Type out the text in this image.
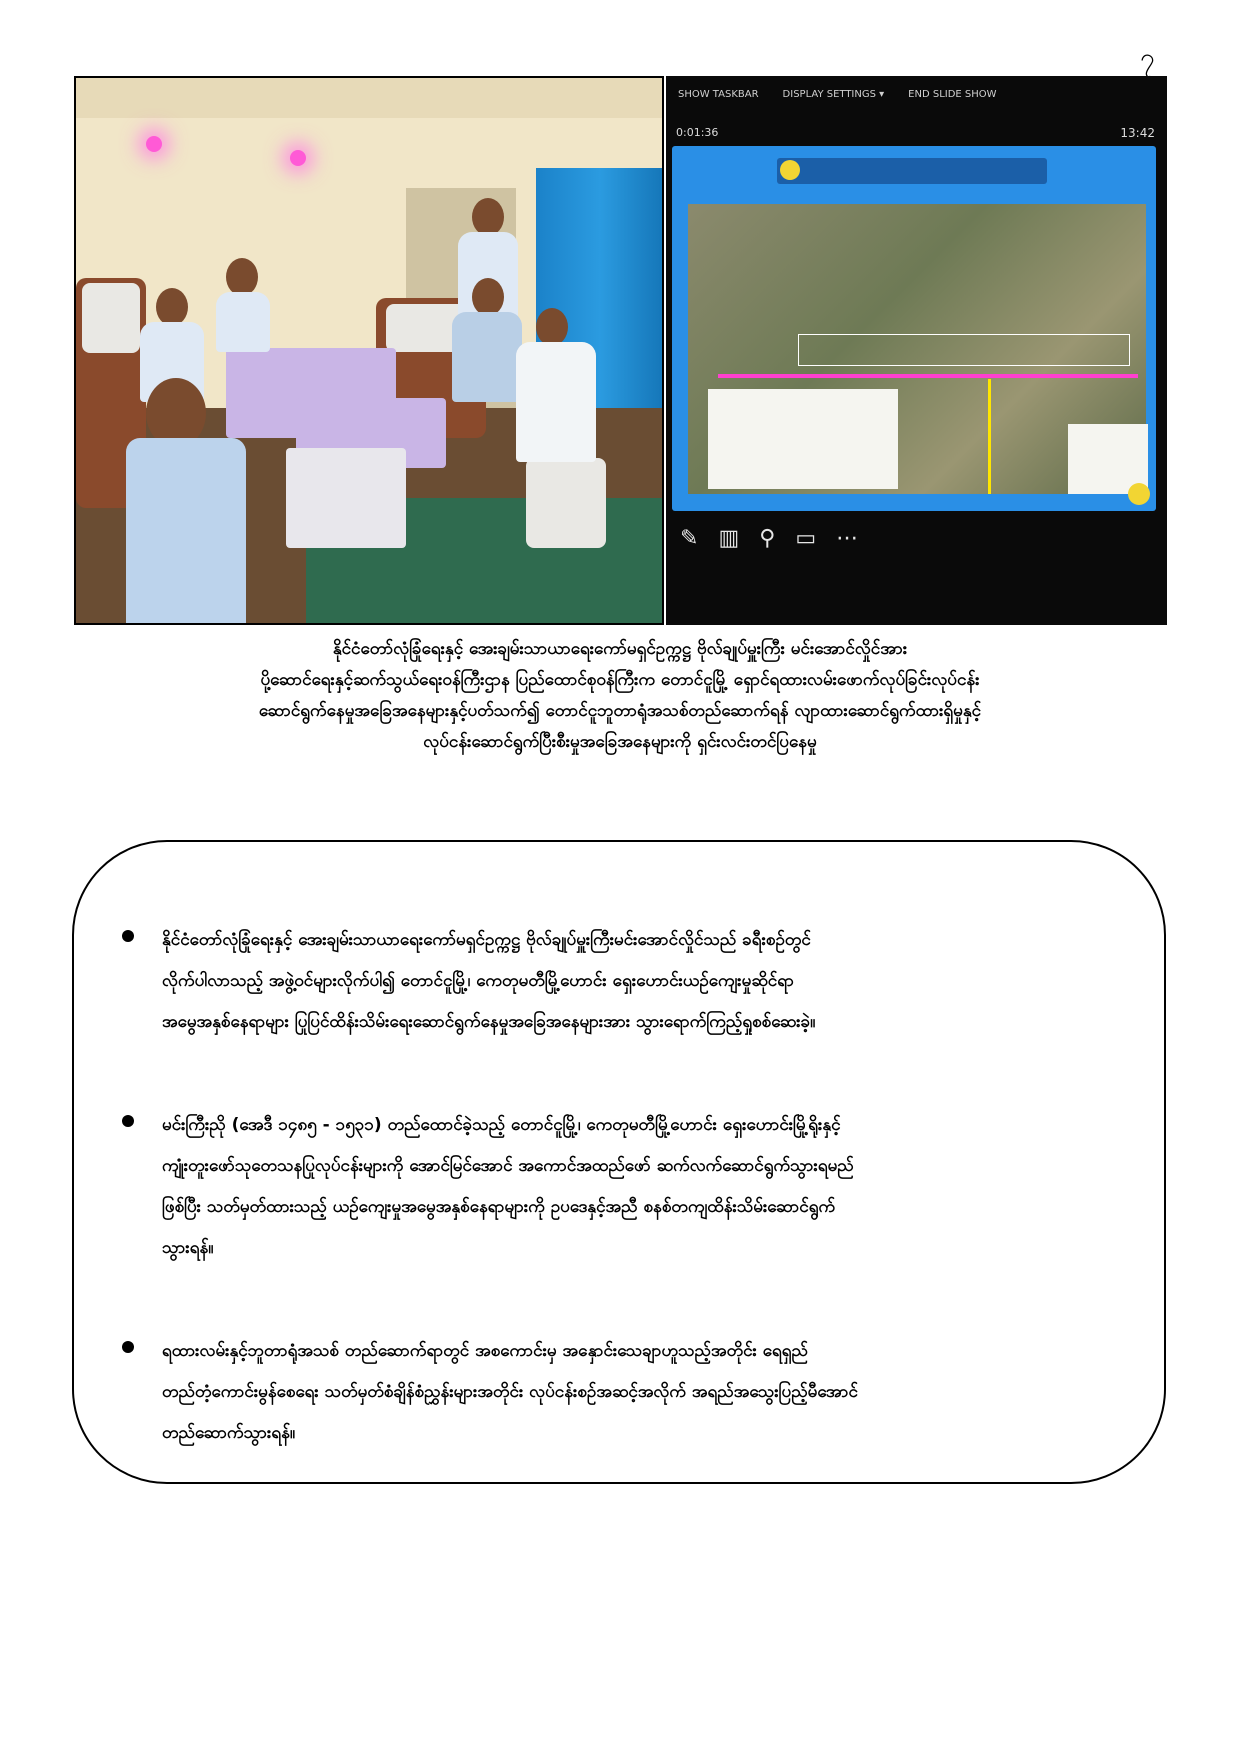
၇
SHOW TASKBAR DISPLAY SETTINGS ▾ END SLIDE SHOW
0:01:36	13:42
✎ ▥ ⚲ ▭ ⋯
နိုင်ငံတော်လုံခြုံရေးနှင့် အေးချမ်းသာယာရေးကော်မရှင်ဥက္ကဋ္ဌ ဗိုလ်ချုပ်မှူးကြီး မင်းအောင်လှိုင်အား
ပို့ဆောင်ရေးနှင့်ဆက်သွယ်ရေးဝန်ကြီးဌာန ပြည်ထောင်စုဝန်ကြီးက တောင်ငူမြို့ ရှောင်ရထားလမ်းဖောက်လုပ်ခြင်းလုပ်ငန်း
ဆောင်ရွက်နေမှုအခြေအနေများနှင့်ပတ်သက်၍ တောင်ငူဘူတာရုံအသစ်တည်ဆောက်ရန် လျာထားဆောင်ရွက်ထားရှိမှုနှင့်
လုပ်ငန်းဆောင်ရွက်ပြီးစီးမှုအခြေအနေများကို ရှင်းလင်းတင်ပြနေမှု
နိုင်ငံတော်လုံခြုံရေးနှင့် အေးချမ်းသာယာရေးကော်မရှင်ဥက္ကဋ္ဌ ဗိုလ်ချုပ်မှူးကြီးမင်းအောင်လှိုင်သည် ခရီးစဉ်တွင်
လိုက်ပါလာသည့် အဖွဲ့ဝင်များလိုက်ပါ၍ တောင်ငူမြို့၊ ကေတုမတီမြို့ဟောင်း ရှေးဟောင်းယဉ်ကျေးမှုဆိုင်ရာ
အမွေအနှစ်နေရာများ ပြုပြင်ထိန်းသိမ်းရေးဆောင်ရွက်နေမှုအခြေအနေများအား သွားရောက်ကြည့်ရှုစစ်ဆေးခဲ့။
မင်းကြီးညို (အေဒီ ၁၄၈၅ - ၁၅၃၁) တည်ထောင်ခဲ့သည့် တောင်ငူမြို့၊ ကေတုမတီမြို့ဟောင်း ရှေးဟောင်းမြို့ရိုးနှင့်
ကျုံးတူးဖော်သုတေသနပြုလုပ်ငန်းများကို အောင်မြင်အောင် အကောင်အထည်ဖော် ဆက်လက်ဆောင်ရွက်သွားရမည်
ဖြစ်ပြီး သတ်မှတ်ထားသည့် ယဉ်ကျေးမှုအမွေအနှစ်နေရာများကို ဥပဒေနှင့်အညီ စနစ်တကျထိန်းသိမ်းဆောင်ရွက်
သွားရန်။
ရထားလမ်းနှင့်ဘူတာရုံအသစ် တည်ဆောက်ရာတွင် အစကောင်းမှ အနှောင်းသေချာဟူသည့်အတိုင်း ရေရှည်
တည်တံ့ကောင်းမွန်စေရေး သတ်မှတ်စံချိန်စံညွှန်းများအတိုင်း လုပ်ငန်းစဉ်အဆင့်အလိုက် အရည်အသွေးပြည့်မီအောင်
တည်ဆောက်သွားရန်။
